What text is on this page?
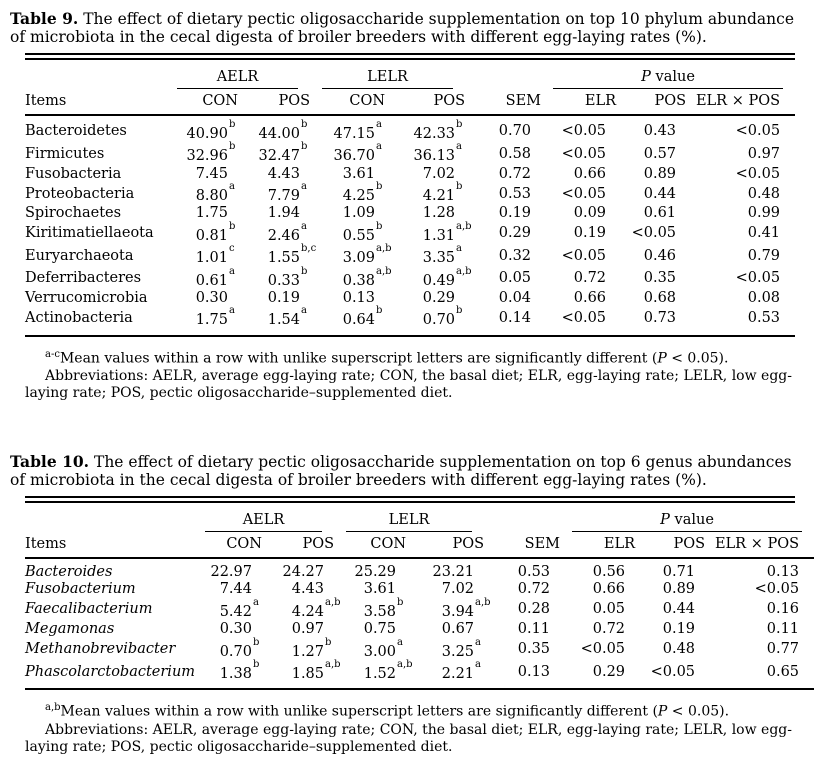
Table 9. The effect of dietary pectic oligosaccharide supplementation on top 10 phylum abundance of microbiota in the cecal digesta of broiler breeders with different egg-laying rates (%).

	AELR		LELR			P value		

Items	CON	POS	CON	POS	SEM	ELR	POS	ELR × POS
Bacteroidetes	40.90$^b$	44.00$^b$	47.15$^a$	42.33$^b$	0.70	<0.05	0.43	<0.05
Firmicutes	32.96$^b$	32.47$^b$	36.70$^a$	36.13$^a$	0.58	<0.05	0.57	0.97
Fusobacteria	7.45	4.43	3.61	7.02	0.72	0.66	0.89	<0.05
Proteobacteria	8.80$^a$	7.79$^a$	4.25$^b$	4.21$^b$	0.53	<0.05	0.44	0.48
Spirochaetes	1.75	1.94	1.09	1.28	0.19	0.09	0.61	0.99
Kiritimatiellaeota	0.81$^b$	2.46$^a$	0.55$^b$	1.31$^{a,b}$	0.29	0.19	<0.05	0.41
Euryarchaeota	1.01$^c$	1.55$^{b,c}$	3.09$^{a,b}$	3.35$^a$	0.32	<0.05	0.46	0.79
Deferribacteres	0.61$^a$	0.33$^b$	0.38$^{a,b}$	0.49$^{a,b}$	0.05	0.72	0.35	<0.05
Verrucomicrobia	0.30	0.19	0.13	0.29	0.04	0.66	0.68	0.08
Actinobacteria	1.75$^a$	1.54$^a$	0.64$^b$	0.70$^b$	0.14	<0.05	0.73	0.53

$^{a-c}$Mean values within a row with unlike superscript letters are significantly different (P < 0.05).

Abbreviations: AELR, average egg-laying rate; CON, the basal diet; ELR, egg-laying rate; LELR, low egg-laying rate; POS, pectic oligosaccharide–supplemented diet.

Table 10. The effect of dietary pectic oligosaccharide supplementation on top 6 genus abundances of microbiota in the cecal digesta of broiler breeders with different egg-laying rates (%).

	AELR		LELR			P value		

Items	CON	POS	CON	POS	SEM	ELR	POS	ELR × POS
Bacteroides	22.97	24.27	25.29	23.21	0.53	0.56	0.71	0.13
Fusobacterium	7.44	4.43	3.61	7.02	0.72	0.66	0.89	<0.05
Faecalibacterium	5.42$^a$	4.24$^{a,b}$	3.58$^b$	3.94$^{a,b}$	0.28	0.05	0.44	0.16
Megamonas	0.30	0.97	0.75	0.67	0.11	0.72	0.19	0.11
Methanobrevibacter	0.70$^b$	1.27$^b$	3.00$^a$	3.25$^a$	0.35	<0.05	0.48	0.77
Phascolarctobacterium	1.38$^b$	1.85$^{a,b}$	1.52$^{a,b}$	2.21$^a$	0.13	0.29	<0.05	0.65

$^{a,b}$Mean values within a row with unlike superscript letters are significantly different (P < 0.05).

Abbreviations: AELR, average egg-laying rate; CON, the basal diet; ELR, egg-laying rate; LELR, low egg-laying rate; POS, pectic oligosaccharide–supplemented diet.
